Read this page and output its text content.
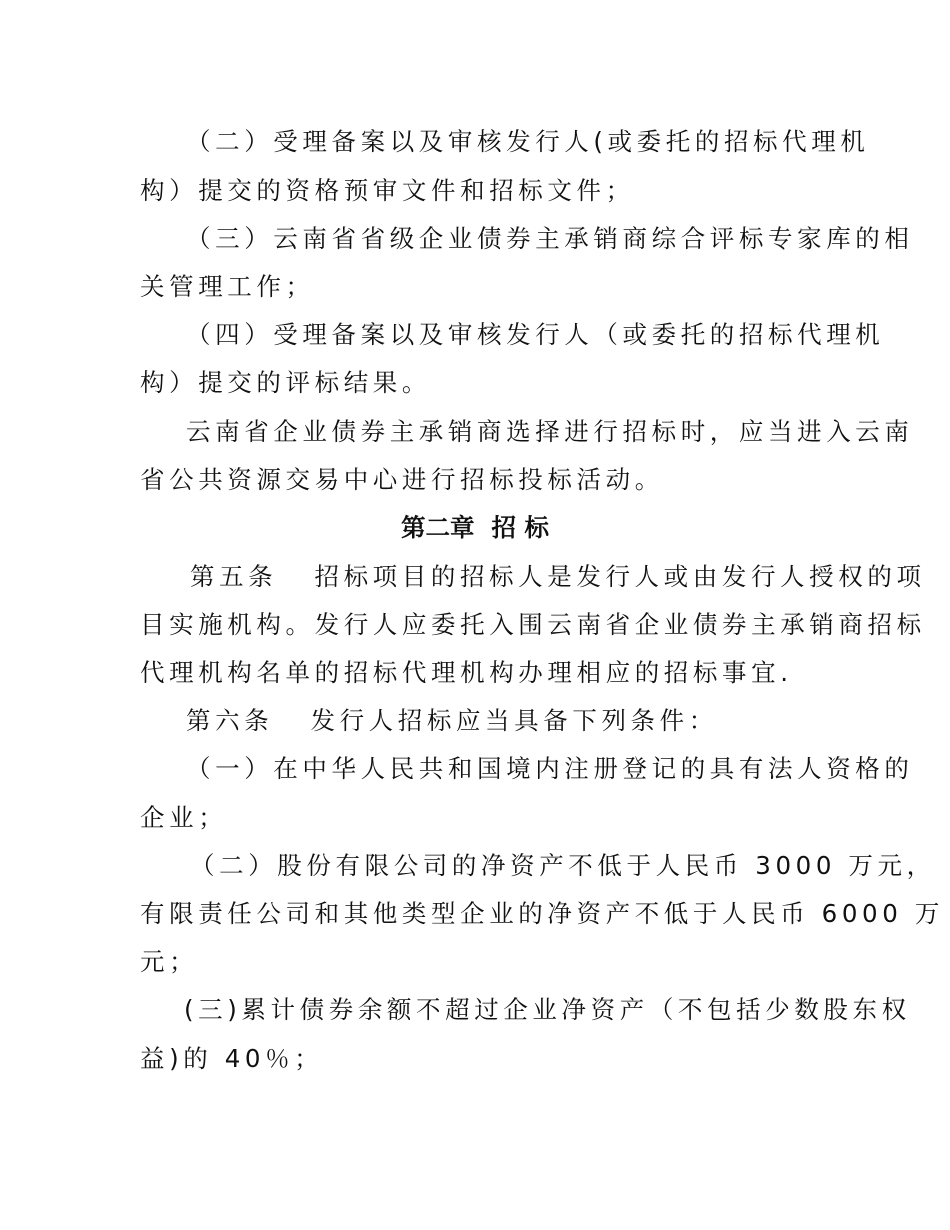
（二）受理备案以及审核发行人(或委托的招标代理机
构）提交的资格预审文件和招标文件；
（三）云南省省级企业债券主承销商综合评标专家库的相
关管理工作；
（四）受理备案以及审核发行人（或委托的招标代理机
构）提交的评标结果。
云南省企业债券主承销商选择进行招标时，应当进入云南
省公共资源交易中心进行招标投标活动。
第二章  招 标
第五条   招标项目的招标人是发行人或由发行人授权的项
目实施机构。发行人应委托入围云南省企业债券主承销商招标
代理机构名单的招标代理机构办理相应的招标事宜.
第六条   发行人招标应当具备下列条件：
（一）在中华人民共和国境内注册登记的具有法人资格的
企业；
（二）股份有限公司的净资产不低于人民币 3000 万元，
有限责任公司和其他类型企业的净资产不低于人民币 6000 万
元；
(三)累计债券余额不超过企业净资产（不包括少数股东权
益)的 40％；
